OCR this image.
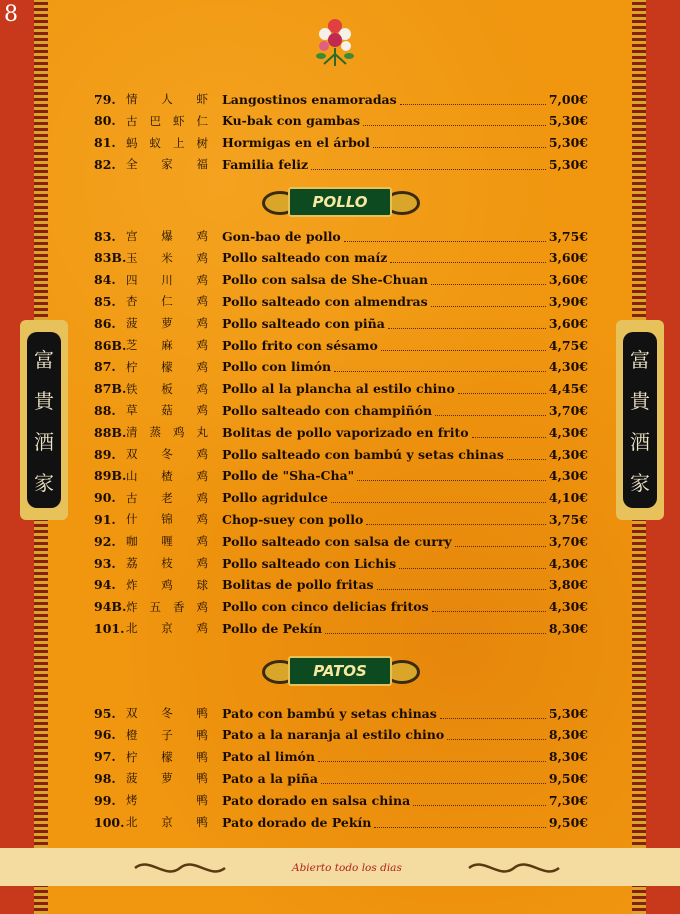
8
富
貴
酒
家
富
貴
酒
家
79. 情 人 虾 Langostinos enamoradas	7,00€
80. 古 巴 虾 仁 Ku-bak con gambas	5,30€
81. 蚂 蚁 上 树 Hormigas en el árbol	5,30€
82. 全 家 福 Familia feliz	5,30€
83. 宫 爆 鸡 Gon-bao de pollo	3,75€
83B. 玉 米 鸡 Pollo salteado con maíz	3,60€
84. 四 川 鸡 Pollo con salsa de She-Chuan	3,60€
85. 杏 仁 鸡 Pollo salteado con almendras	3,90€
86. 菠 萝 鸡 Pollo salteado con piña	3,60€
86B. 芝 麻 鸡 Pollo frito con sésamo	4,75€
87. 柠 檬 鸡 Pollo con limón	4,30€
87B. 铁 板 鸡 Pollo al la plancha al estilo chino	4,45€
88. 草 菇 鸡 Pollo salteado con champiñón	3,70€
88B. 清 蒸 鸡 丸 Bolitas de pollo vaporizado en frito	4,30€
89. 双 冬 鸡 Pollo salteado con bambú y setas chinas	4,30€
89B. 山 楂 鸡 Pollo de "Sha-Cha"	4,30€
90. 古 老 鸡 Pollo agridulce	4,10€
91. 什 锦 鸡 Chop-suey con pollo	3,75€
92. 咖 喱 鸡 Pollo salteado con salsa de curry	3,70€
93. 荔 枝 鸡 Pollo salteado con Lichis	4,30€
94. 炸 鸡 球 Bolitas de pollo fritas	3,80€
94B. 炸 五 香 鸡 Pollo con cinco delicias fritos	4,30€
101. 北 京 鸡 Pollo de Pekín	8,30€
95. 双 冬 鸭 Pato con bambú y setas chinas	5,30€
96. 橙 子 鸭 Pato a la naranja al estilo chino	8,30€
97. 柠 檬 鸭 Pato al limón	8,30€
98. 菠 萝 鸭 Pato a la piña	9,50€
99. 烤	鸭 Pato dorado en salsa china	7,30€
100. 北 京 鸭 Pato dorado de Pekín	9,50€

Abierto todo los dias
POLLO
PATOS
